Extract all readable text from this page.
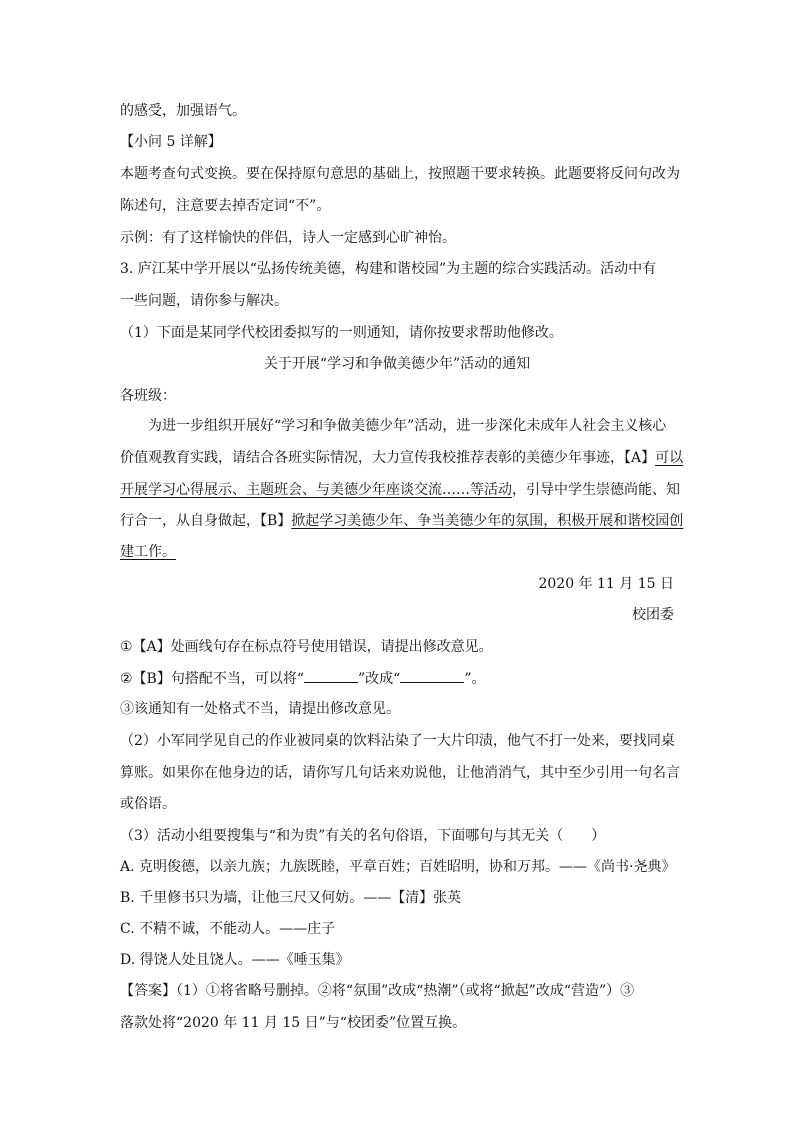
的感受，加强语气。
【小问 5 详解】
本题考查句式变换。要在保持原句意思的基础上，按照题干要求转换。此题要将反问句改为
陈述句，注意要去掉否定词“不”。
示例：有了这样愉快的伴侣，诗人一定感到心旷神怡。
3. 庐江某中学开展以“弘扬传统美德，构建和谐校园”为主题的综合实践活动。活动中有
一些问题，请你参与解决。
（1）下面是某同学代校团委拟写的一则通知，请你按要求帮助他修改。
关于开展“学习和争做美德少年”活动的通知
各班级：
为进一步组织开展好“学习和争做美德少年”活动，进一步深化未成年人社会主义核心
价值观教育实践，请结合各班实际情况，大力宣传我校推荐表彰的美德少年事迹，【A】可以
开展学习心得展示、主题班会、与美德少年座谈交流……等活动，引导中学生崇德尚能、知
行合一，从自身做起，【B】掀起学习美德少年、争当美德少年的氛围，积极开展和谐校园创
建工作。
2020 年 11 月 15 日
校团委
①【A】处画线句存在标点符号使用错误，请提出修改意见。
②【B】句搭配不当，可以将“	”改成“	”。
③该通知有一处格式不当，请提出修改意见。
（2）小军同学见自己的作业被同桌的饮料沾染了一大片印渍，他气不打一处来，要找同桌
算账。如果你在他身边的话，请你写几句话来劝说他，让他消消气，其中至少引用一句名言
或俗语。
（3）活动小组要搜集与“和为贵”有关的名句俗语，下面哪句与其无关（　　）
A. 克明俊德，以亲九族；九族既睦，平章百姓；百姓昭明，协和万邦。——《尚书·尧典》
B. 千里修书只为墙，让他三尺又何妨。——【清】张英
C. 不精不诚，不能动人。——庄子
D. 得饶人处且饶人。——《唾玉集》
【答案】（1）①将省略号删掉。②将“氛围”改成“热潮”（或将“掀起”改成“营造”）③
落款处将“2020 年 11 月 15 日”与“校团委”位置互换。
